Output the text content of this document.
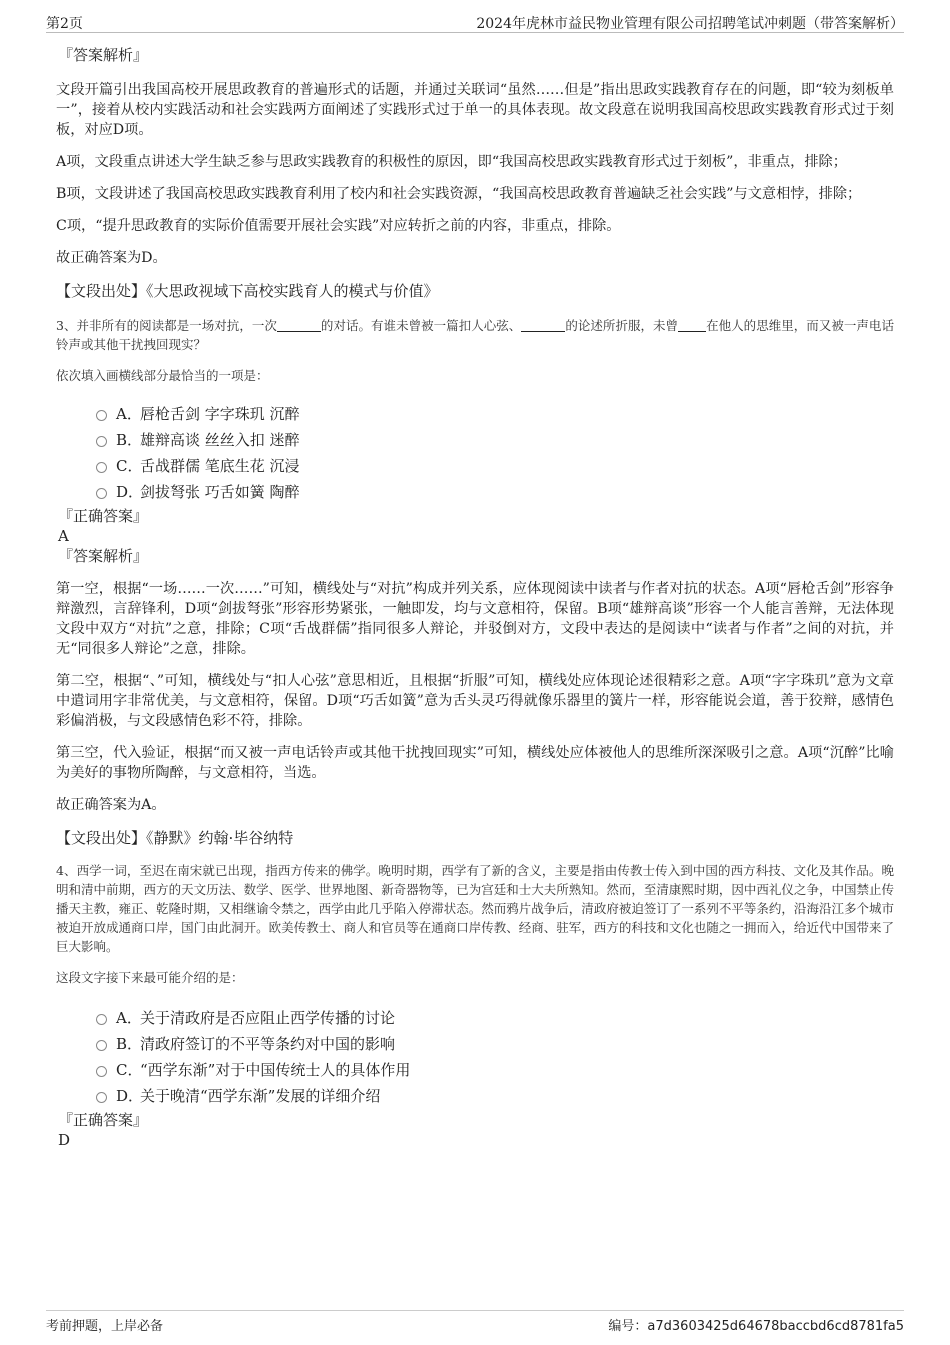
第2页	2024年虎林市益民物业管理有限公司招聘笔试冲刺题（带答案解析）
『答案解析』

文段开篇引出我国高校开展思政教育的普遍形式的话题，并通过关联词“虽然……但是”指出思政实践教育存在的问题，即“较为刻板单一”，接着从校内实践活动和社会实践两方面阐述了实践形式过于单一的具体表现。故文段意在说明我国高校思政实践教育形式过于刻板，对应D项。

A项，文段重点讲述大学生缺乏参与思政实践教育的积极性的原因，即“我国高校思政实践教育形式过于刻板”，非重点，排除；

B项，文段讲述了我国高校思政实践教育利用了校内和社会实践资源，“我国高校思政教育普遍缺乏社会实践”与文意相悖，排除；

C项，“提升思政教育的实际价值需要开展社会实践”对应转折之前的内容，非重点，排除。

故正确答案为D。

【文段出处】《大思政视域下高校实践育人的模式与价值》

3、并非所有的阅读都是一场对抗，一次	的对话。有谁未曾被一篇扣人心弦、	的论述所折服，未曾 在他人的思维里，而又被一声电话铃声或其他干扰拽回现实？

依次填入画横线部分最恰当的一项是：

A．
唇枪舌剑 字字珠玑 沉醉
B．
雄辩高谈 丝丝入扣 迷醉
C．
舌战群儒 笔底生花 沉浸
D．
剑拔弩张 巧舌如簧 陶醉
『正确答案』
A
『答案解析』

第一空，根据“一场……一次……”可知，横线处与“对抗”构成并列关系，应体现阅读中读者与作者对抗的状态。A项“唇枪舌剑”形容争辩激烈，言辞锋利，D项“剑拔弩张”形容形势紧张，一触即发，均与文意相符，保留。B项“雄辩高谈”形容一个人能言善辩，无法体现文段中双方“对抗”之意，排除；C项“舌战群儒”指同很多人辩论，并驳倒对方，文段中表达的是阅读中“读者与作者”之间的对抗，并无“同很多人辩论”之意，排除。

第二空，根据“、”可知，横线处与“扣人心弦”意思相近，且根据“折服”可知，横线处应体现论述很精彩之意。A项“字字珠玑”意为文章中遣词用字非常优美，与文意相符，保留。D项“巧舌如簧”意为舌头灵巧得就像乐器里的簧片一样，形容能说会道，善于狡辩，感情色彩偏消极，与文段感情色彩不符，排除。

第三空，代入验证，根据“而又被一声电话铃声或其他干扰拽回现实”可知，横线处应体被他人的思维所深深吸引之意。A项“沉醉”比喻为美好的事物所陶醉，与文意相符，当选。

故正确答案为A。

【文段出处】《静默》约翰·毕谷纳特

4、西学一词，至迟在南宋就已出现，指西方传来的佛学。晚明时期，西学有了新的含义，主要是指由传教士传入到中国的西方科技、文化及其作品。晚明和清中前期，西方的天文历法、数学、医学、世界地图、新奇器物等，已为宫廷和士大夫所熟知。然而，至清康熙时期，因中西礼仪之争，中国禁止传播天主教，雍正、乾隆时期，又相继谕令禁之，西学由此几乎陷入停滞状态。然而鸦片战争后，清政府被迫签订了一系列不平等条约，沿海沿江多个城市被迫开放成通商口岸，国门由此洞开。欧美传教士、商人和官员等在通商口岸传教、经商、驻军，西方的科技和文化也随之一拥而入，给近代中国带来了巨大影响。

这段文字接下来最可能介绍的是：

A．
关于清政府是否应阻止西学传播的讨论
B．
清政府签订的不平等条约对中国的影响
C．
“西学东渐”对于中国传统士人的具体作用
D．
关于晚清“西学东渐”发展的详细介绍
『正确答案』
D
考前押题，上岸必备	编号：a7d3603425d64678baccbd6cd8781fa5
